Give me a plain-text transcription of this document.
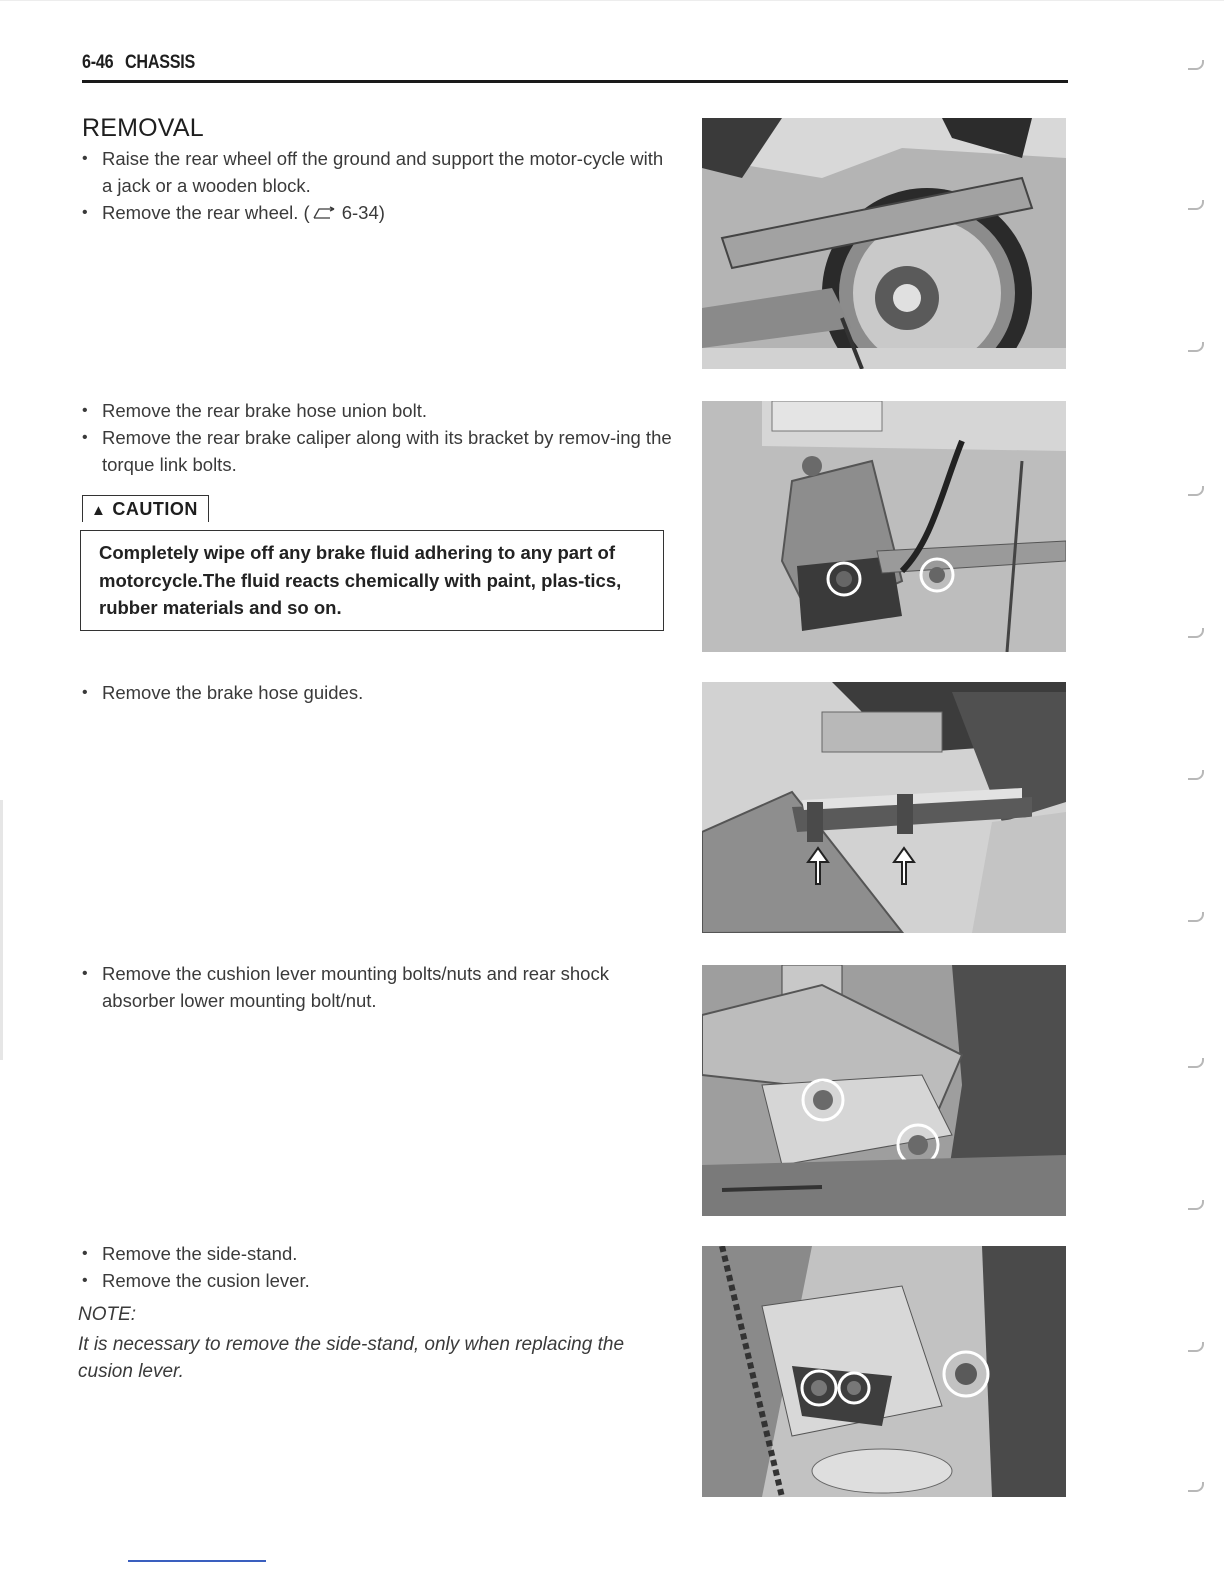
6-46 CHASSIS
REMOVAL
• Raise the rear wheel off the ground and support the motor-cycle with a jack or a wooden block.
• Remove the rear wheel. ( 6-34)
• Remove the rear brake hose union bolt.
• Remove the rear brake caliper along with its bracket by remov-ing the torque link bolts.
▲ CAUTION
Completely wipe off any brake fluid adhering to any part of motorcycle.The fluid reacts chemically with paint, plas-tics, rubber materials and so on.
• Remove the brake hose guides.
• Remove the cushion lever mounting bolts/nuts and rear shock absorber lower mounting bolt/nut.
• Remove the side-stand.
• Remove the cusion lever.
NOTE:
It is necessary to remove the side-stand, only when replacing the cusion lever.
